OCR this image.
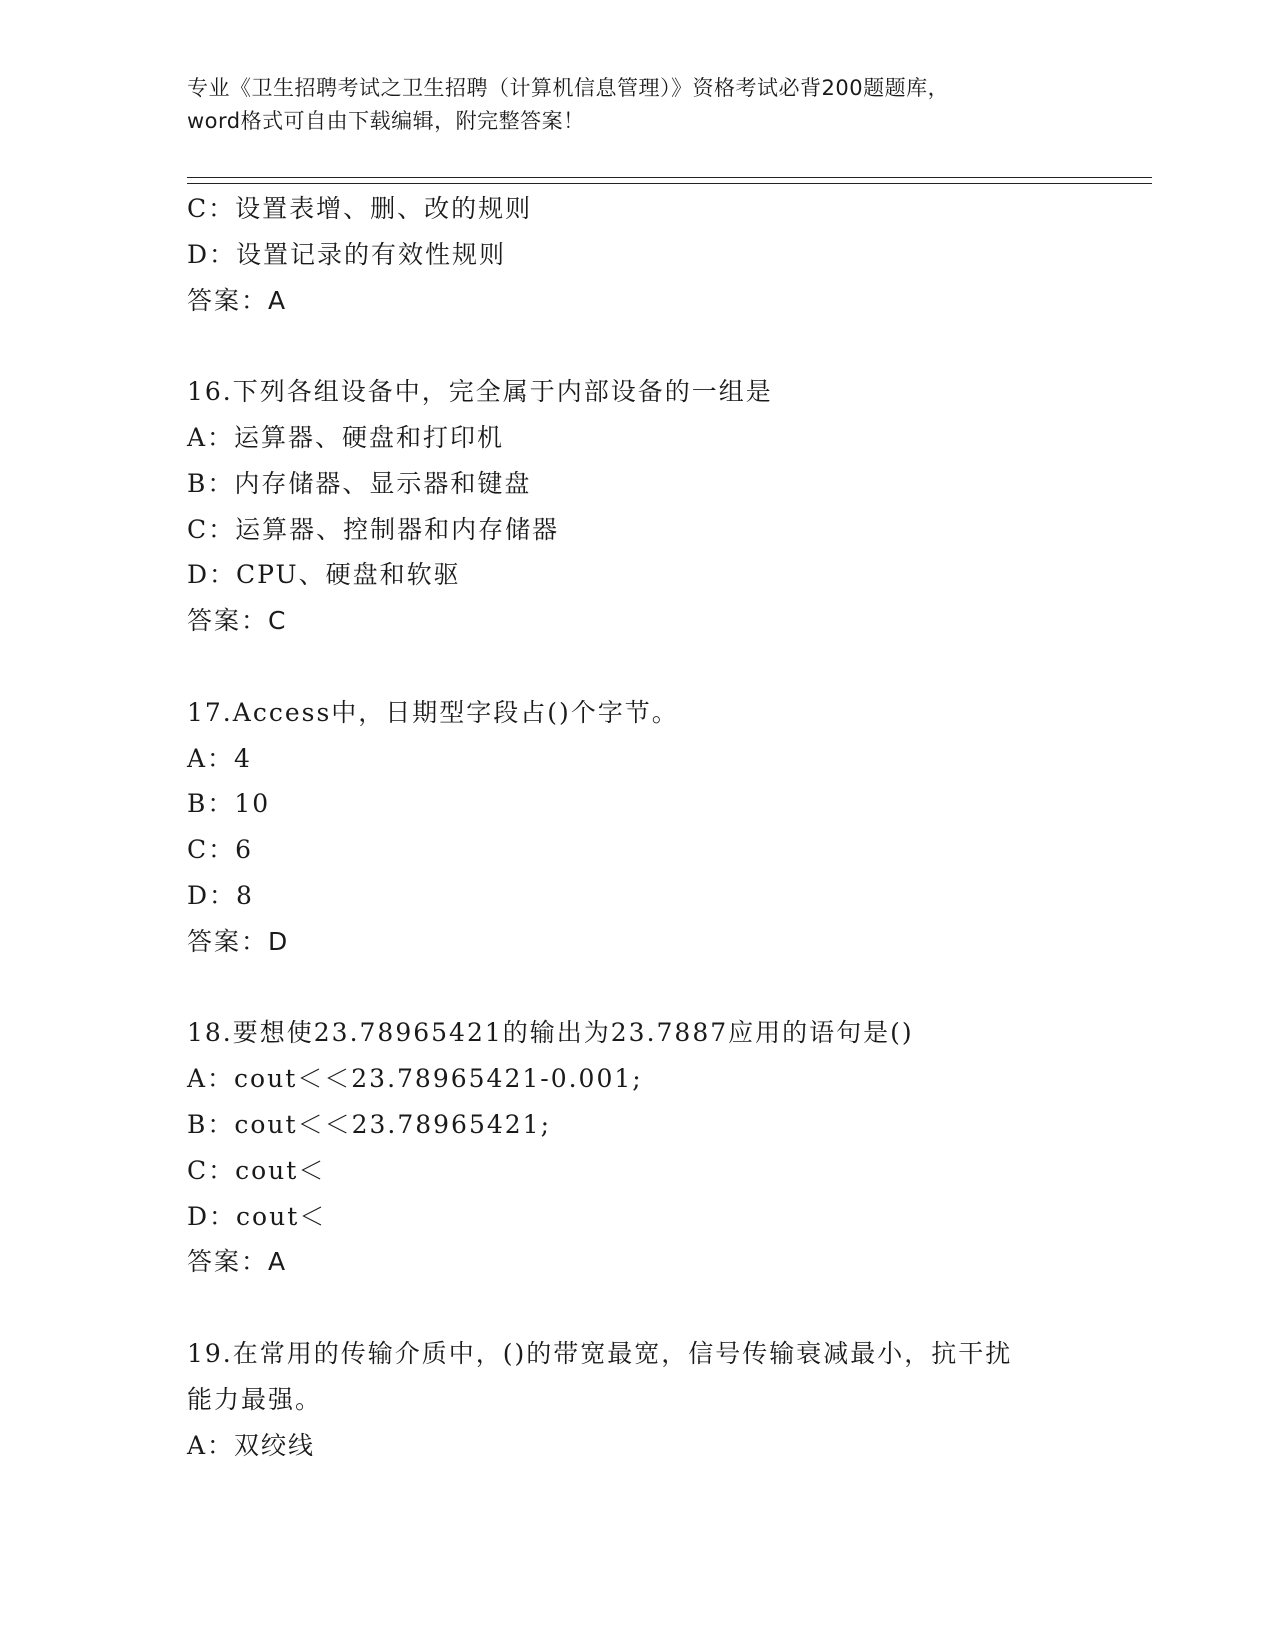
专业《卫生招聘考试之卫生招聘（计算机信息管理）》资格考试必背200题题库，
word格式可自由下载编辑，附完整答案！
C：设置表增、删、改的规则
D：设置记录的有效性规则
答案：A
16.下列各组设备中，完全属于内部设备的一组是
A：运算器、硬盘和打印机
B：内存储器、显示器和键盘
C：运算器、控制器和内存储器
D：CPU、硬盘和软驱
答案：C
17.Access中，日期型字段占()个字节。
A：4
B：10
C：6
D：8
答案：D
18.要想使23.78965421的输出为23.7887应用的语句是()
A：cout＜＜23.78965421-0.001;
B：cout＜＜23.78965421;
C：cout＜
D：cout＜
答案：A
19.在常用的传输介质中，()的带宽最宽，信号传输衰减最小，抗干扰
能力最强。
A：双绞线
